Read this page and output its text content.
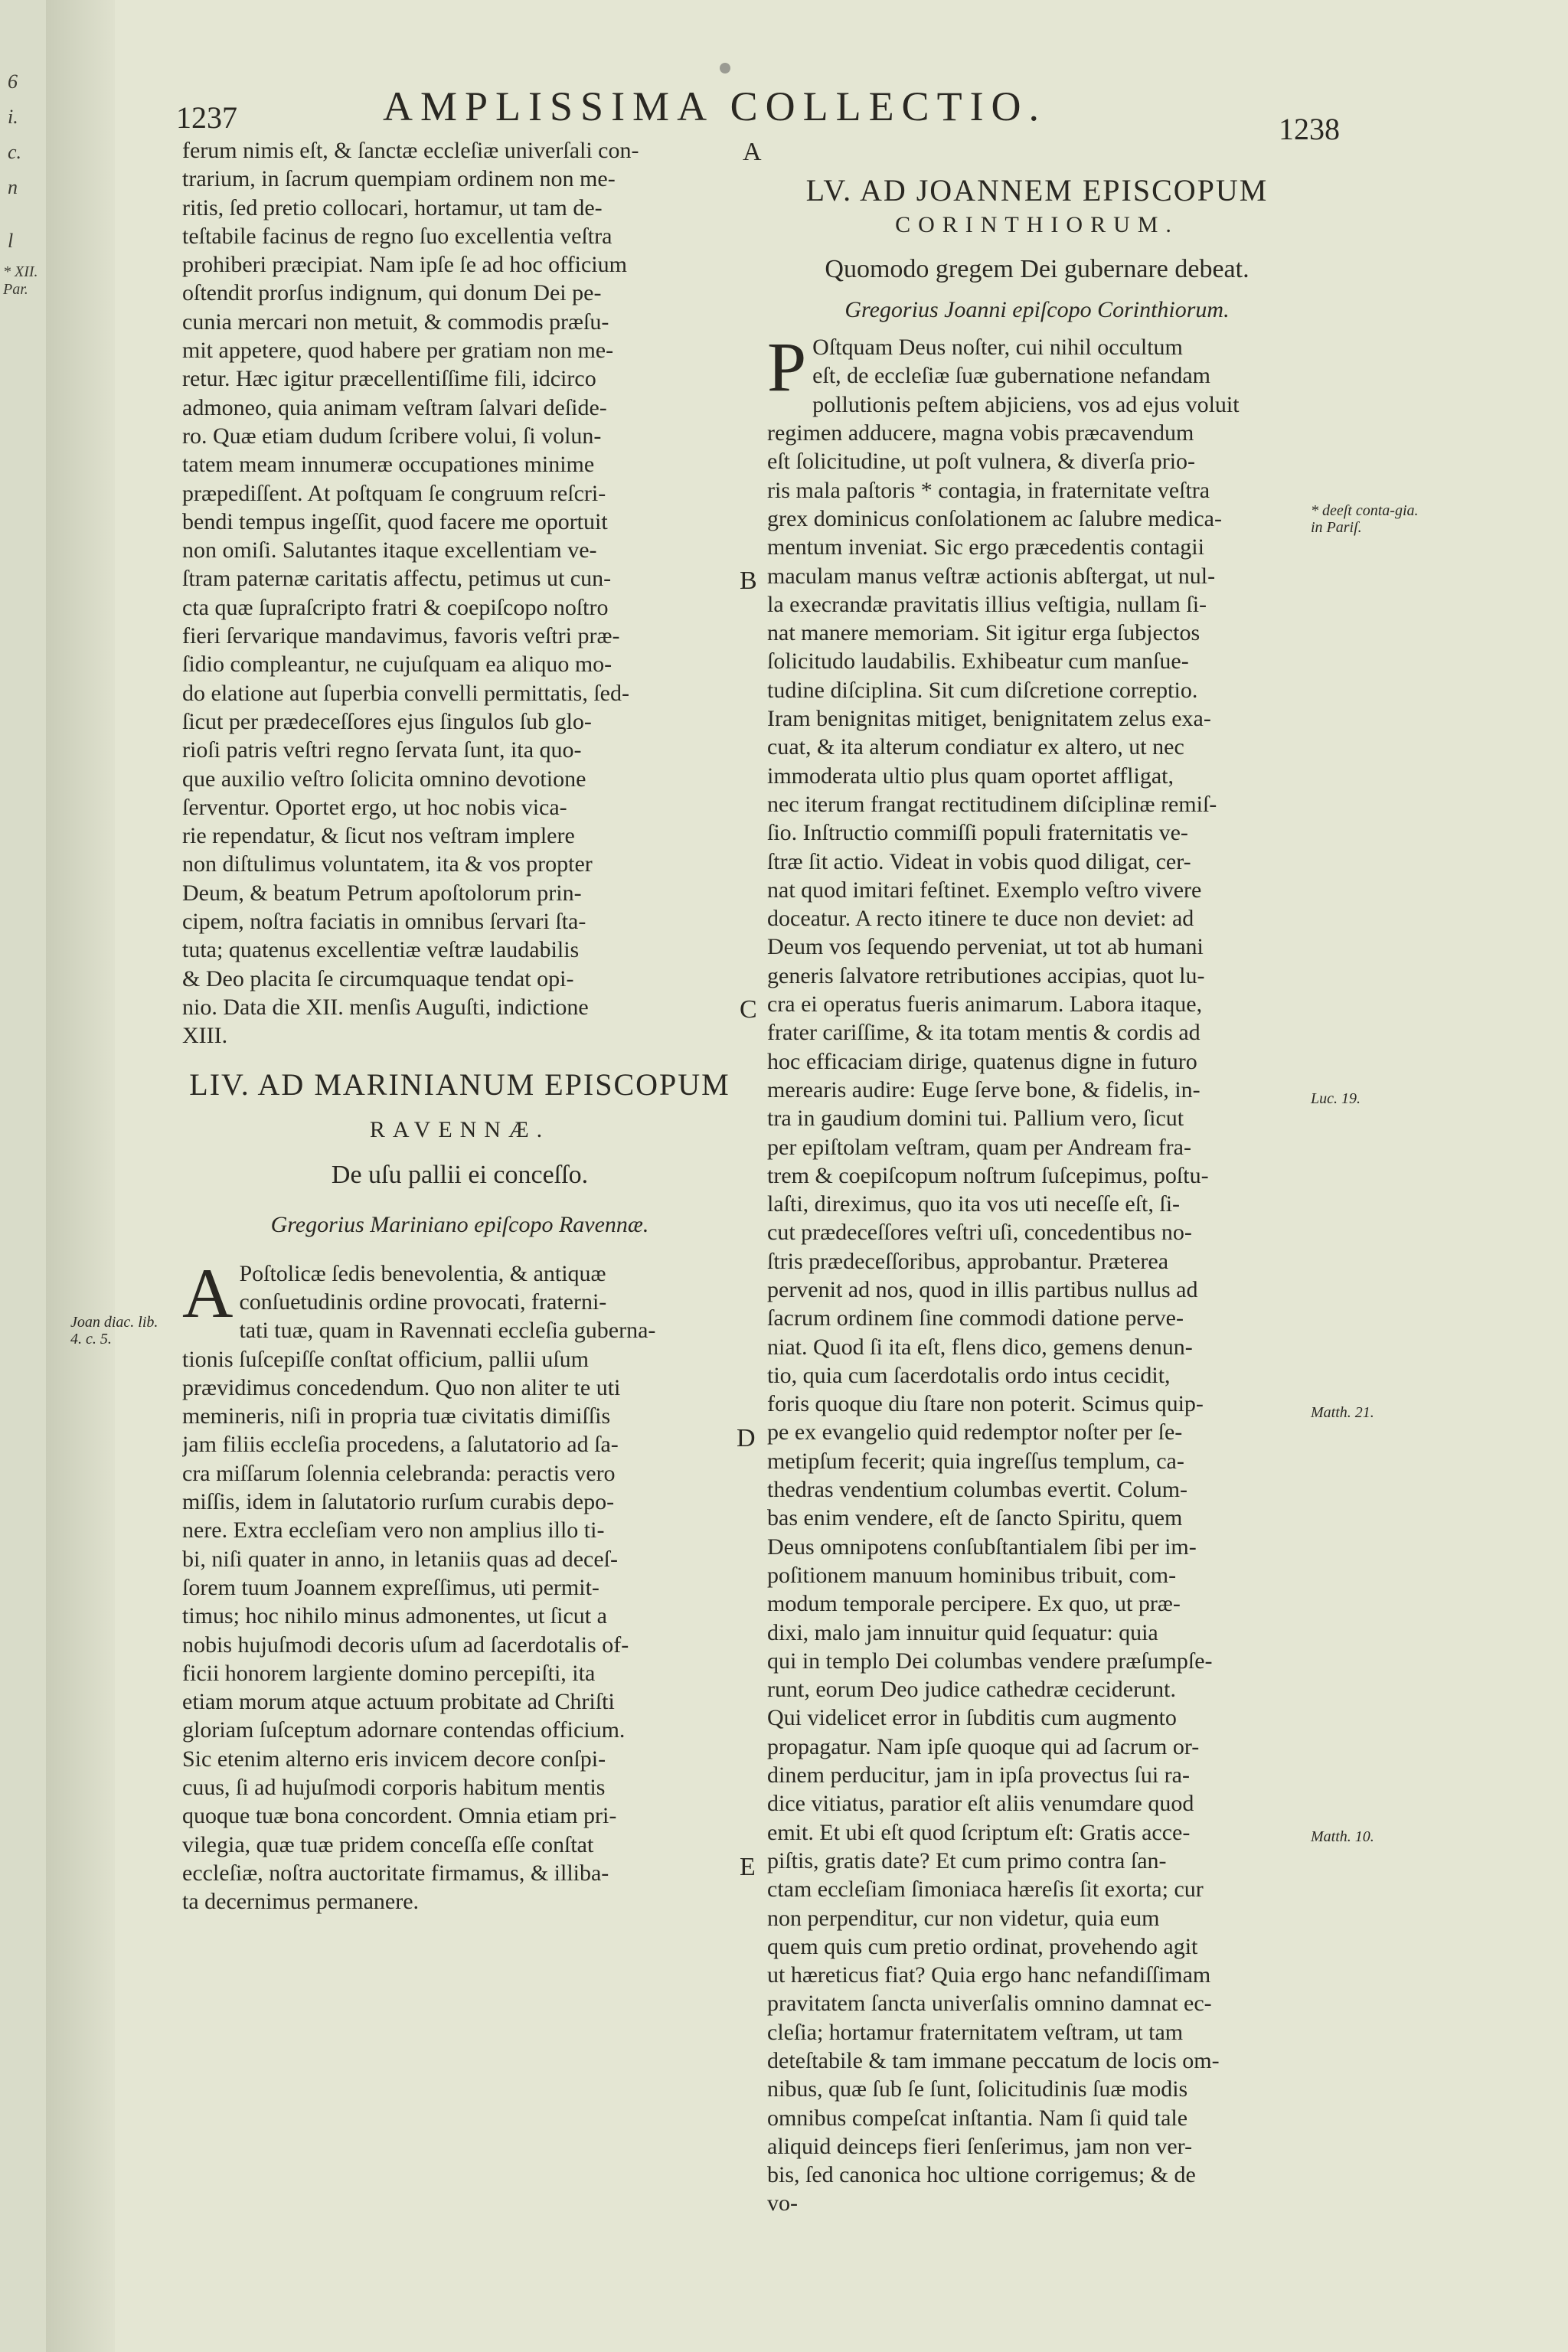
6
i.
c.
n
l
* XII. Par.
1237	AMPLISSIMA COLLECTIO.	1238
ferum nimis eſt, & ſanctæ eccleſiæ univerſali con-
trarium, in ſacrum quempiam ordinem non me-
ritis, ſed pretio collocari, hortamur, ut tam de-
teſtabile facinus de regno ſuo excellentia veſtra
prohiberi præcipiat. Nam ipſe ſe ad hoc officium
oſtendit prorſus indignum, qui donum Dei pe-
cunia mercari non metuit, & commodis præſu-
mit appetere, quod habere per gratiam non me-
retur. Hæc igitur præcellentiſſime fili, idcirco
admoneo, quia animam veſtram ſalvari deſide-
ro. Quæ etiam dudum ſcribere volui, ſi volun-
tatem meam innumeræ occupationes minime
præpediſſent. At poſtquam ſe congruum reſcri-
bendi tempus ingeſſit, quod facere me oportuit
non omiſi. Salutantes itaque excellentiam ve-
ſtram paternæ caritatis affectu, petimus ut cun-
cta quæ ſupraſcripto fratri & coepiſcopo noſtro
fieri ſervarique mandavimus, favoris veſtri præ-
ſidio compleantur, ne cujuſquam ea aliquo mo-
do elatione aut ſuperbia convelli permittatis, ſed-
ſicut per prædeceſſores ejus ſingulos ſub glo-
rioſi patris veſtri regno ſervata ſunt, ita quo-
que auxilio veſtro ſolicita omnino devotione
ſerventur. Oportet ergo, ut hoc nobis vica-
rie rependatur, & ſicut nos veſtram implere
non diſtulimus voluntatem, ita & vos propter
Deum, & beatum Petrum apoſtolorum prin-
cipem, noſtra faciatis in omnibus ſervari ſta-
tuta; quatenus excellentiæ veſtræ laudabilis
& Deo placita ſe circumquaque tendat opi-
nio. Data die XII. menſis Auguſti, indictione
XIII.
LIV. AD MARINIANUM EPISCOPUM
RAVENNÆ.
De uſu pallii ei conceſſo.
Gregorius Mariniano epiſcopo Ravennæ.
A Poſtolicæ ſedis benevolentia, & antiquæ
conſuetudinis ordine provocati, fraterni-
tati tuæ, quam in Ravennati eccleſia guberna-
tionis ſuſcepiſſe conſtat officium, pallii uſum
prævidimus concedendum. Quo non aliter te uti
memineris, niſi in propria tuæ civitatis dimiſſis
jam filiis eccleſia procedens, a ſalutatorio ad ſa-
cra miſſarum ſolennia celebranda: peractis vero
miſſis, idem in ſalutatorio rurſum curabis depo-
nere. Extra eccleſiam vero non amplius illo ti-
bi, niſi quater in anno, in letaniis quas ad deceſ-
ſorem tuum Joannem expreſſimus, uti permit-
timus; hoc nihilo minus admonentes, ut ſicut a
nobis hujuſmodi decoris uſum ad ſacerdotalis of-
ficii honorem largiente domino percepiſti, ita
etiam morum atque actuum probitate ad Chriſti
gloriam ſuſceptum adornare contendas officium.
Sic etenim alterno eris invicem decore conſpi-
cuus, ſi ad hujuſmodi corporis habitum mentis
quoque tuæ bona concordent. Omnia etiam pri-
vilegia, quæ tuæ pridem conceſſa eſſe conſtat
eccleſiæ, noſtra auctoritate firmamus, & illiba-
ta decernimus permanere.
Joan diac. lib. 4. c. 5.
LV. AD JOANNEM EPISCOPUM
CORINTHIORUM.
Quomodo gregem Dei gubernare debeat.
Gregorius Joanni epiſcopo Corinthiorum.
P Oſtquam Deus noſter, cui nihil occultum
eſt, de eccleſiæ ſuæ gubernatione nefandam
pollutionis peſtem abjiciens, vos ad ejus voluit
regimen adducere, magna vobis præcavendum
eſt ſolicitudine, ut poſt vulnera, & diverſa prio-
ris mala paſtoris * contagia, in fraternitate veſtra
grex dominicus conſolationem ac ſalubre medica-
mentum inveniat. Sic ergo præcedentis contagii
maculam manus veſtræ actionis abſtergat, ut nul-
la execrandæ pravitatis illius veſtigia, nullam ſi-
nat manere memoriam. Sit igitur erga ſubjectos
ſolicitudo laudabilis. Exhibeatur cum manſue-
tudine diſciplina. Sit cum diſcretione correptio.
Iram benignitas mitiget, benignitatem zelus exa-
cuat, & ita alterum condiatur ex altero, ut nec
immoderata ultio plus quam oportet affligat,
nec iterum frangat rectitudinem diſciplinæ remiſ-
ſio. Inſtructio commiſſi populi fraternitatis ve-
ſtræ ſit actio. Videat in vobis quod diligat, cer-
nat quod imitari feſtinet. Exemplo veſtro vivere
doceatur. A recto itinere te duce non deviet: ad
Deum vos ſequendo perveniat, ut tot ab humani
generis ſalvatore retributiones accipias, quot lu-
cra ei operatus fueris animarum. Labora itaque,
frater cariſſime, & ita totam mentis & cordis ad
hoc efficaciam dirige, quatenus digne in futuro
merearis audire: Euge ſerve bone, & fidelis, in-
tra in gaudium domini tui. Pallium vero, ſicut
per epiſtolam veſtram, quam per Andream fra-
trem & coepiſcopum noſtrum ſuſcepimus, poſtu-
laſti, direximus, quo ita vos uti neceſſe eſt, ſi-
cut prædeceſſores veſtri uſi, concedentibus no-
ſtris prædeceſſoribus, approbantur. Præterea
pervenit ad nos, quod in illis partibus nullus ad
ſacrum ordinem ſine commodi datione perve-
niat. Quod ſi ita eſt, flens dico, gemens denun-
tio, quia cum ſacerdotalis ordo intus cecidit,
foris quoque diu ſtare non poterit. Scimus quip-
pe ex evangelio quid redemptor noſter per ſe-
metipſum fecerit; quia ingreſſus templum, ca-
thedras vendentium columbas evertit. Colum-
bas enim vendere, eſt de ſancto Spiritu, quem
Deus omnipotens conſubſtantialem ſibi per im-
poſitionem manuum hominibus tribuit, com-
modum temporale percipere. Ex quo, ut præ-
dixi, malo jam innuitur quid ſequatur: quia
qui in templo Dei columbas vendere præſumpſe-
runt, eorum Deo judice cathedræ ceciderunt.
Qui videlicet error in ſubditis cum augmento
propagatur. Nam ipſe quoque qui ad ſacrum or-
dinem perducitur, jam in ipſa provectus ſui ra-
dice vitiatus, paratior eſt aliis venumdare quod
emit. Et ubi eſt quod ſcriptum eſt: Gratis acce-
piſtis, gratis date? Et cum primo contra ſan-
ctam eccleſiam ſimoniaca hæreſis ſit exorta; cur
non perpenditur, cur non videtur, quia eum
quem quis cum pretio ordinat, provehendo agit
ut hæreticus fiat? Quia ergo hanc nefandiſſimam
pravitatem ſancta univerſalis omnino damnat ec-
cleſia; hortamur fraternitatem veſtram, ut tam
deteſtabile & tam immane peccatum de locis om-
nibus, quæ ſub ſe ſunt, ſolicitudinis ſuæ modis
omnibus compeſcat inſtantia. Nam ſi quid tale
aliquid deinceps fieri ſenſerimus, jam non ver-
bis, ſed canonica hoc ultione corrigemus; & de
vo-
A
B
C
D
E
* deeſt conta-gia. in Pariſ.
Luc. 19.
Matth. 21.
Matth. 10.
